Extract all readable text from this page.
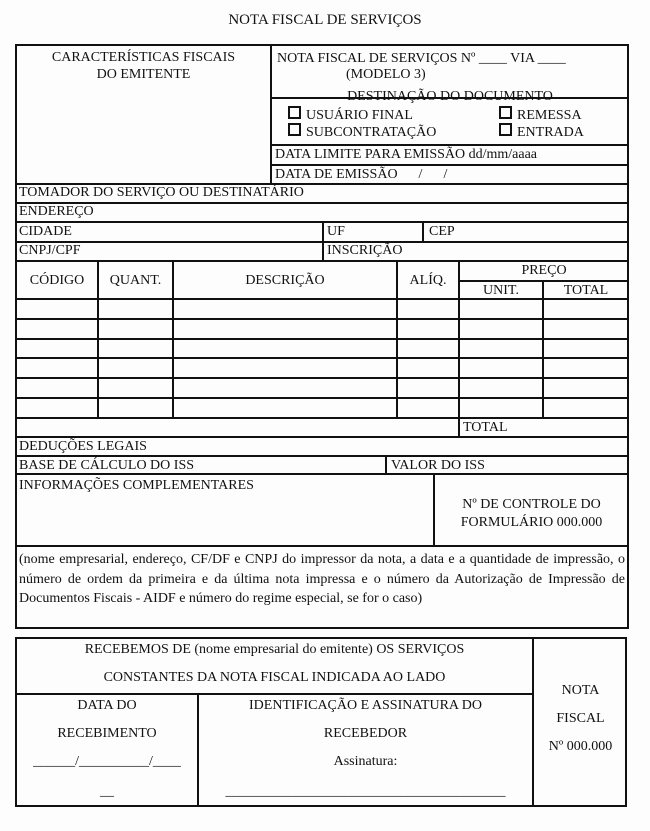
NOTA FISCAL DE SERVIÇOS
CARACTERÍSTICAS FISCAIS
DO EMITENTE
NOTA FISCAL DE SERVIÇOS Nº ____ VIA ____
(MODELO 3)
DESTINAÇÃO DO DOCUMENTO
USUÁRIO FINAL
SUBCONTRATAÇÃO
REMESSA
ENTRADA
DATA LIMITE PARA EMISSÃO dd/mm/aaaa
DATA DE EMISSÃO      /      /
TOMADOR DO SERVIÇO OU DESTINATÁRIO
ENDEREÇO
CIDADE	UF	CEP
CNPJ/CPF	INSCRIÇÃO
CÓDIGO	QUANT.	DESCRIÇÃO	ALÍQ.
PREÇO
UNIT.	TOTAL
TOTAL
DEDUÇÕES LEGAIS
BASE DE CÁLCULO DO ISS	VALOR DO ISS
INFORMAÇÕES COMPLEMENTARES
Nº DE CONTROLE DO
FORMULÁRIO 000.000
(nome empresarial, endereço, CF/DF e CNPJ do impressor da nota, a data e a quantidade de impressão, o número de ordem da primeira e da última nota impressa e o número da Autorização de Impressão de Documentos Fiscais - AIDF e número do regime especial, se for o caso)
RECEBEMOS DE (nome empresarial do emitente) OS SERVIÇOS
CONSTANTES DA NOTA FISCAL INDICADA AO LADO
DATA DO
RECEBIMENTO
______/__________/____
__
IDENTIFICAÇÃO E ASSINATURA DO
RECEBEDOR
Assinatura:
________________________________________
NOTA
FISCAL
Nº 000.000
